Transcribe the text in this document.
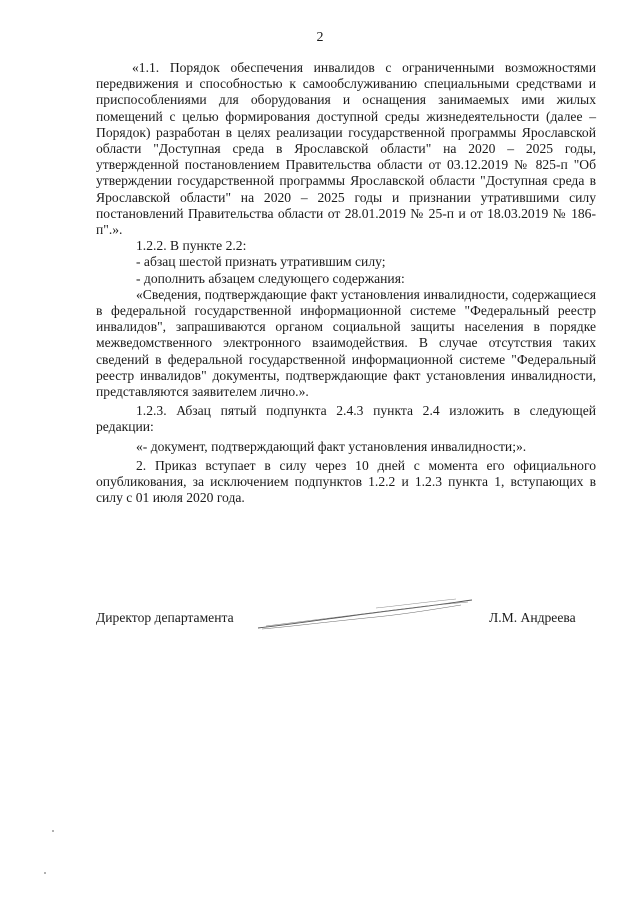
2

«1.1. Порядок обеспечения инвалидов с ограниченными возможностями передвижения и способностью к самообслуживанию специальными средствами и приспособлениями для оборудования и оснащения занимаемых ими жилых помещений с целью формирования доступной среды жизнедеятельности (далее – Порядок) разработан в целях реализации государственной программы Ярославской области "Доступная среда в Ярославской области" на 2020 – 2025 годы, утвержденной постановлением Правительства области от 03.12.2019 № 825-п "Об утверждении государственной программы Ярославской области "Доступная среда в Ярославской области" на 2020 – 2025 годы и признании утратившими силу постановлений Правительства области от 28.01.2019 № 25-п и от 18.03.2019 № 186-п".».

1.2.2. В пункте 2.2:

- абзац шестой признать утратившим силу;

- дополнить абзацем следующего содержания:

«Сведения, подтверждающие факт установления инвалидности, содержащиеся в федеральной государственной информационной системе "Федеральный реестр инвалидов", запрашиваются органом социальной защиты населения в порядке межведомственного электронного взаимодействия. В случае отсутствия таких сведений в федеральной государственной информационной системе "Федеральный реестр инвалидов" документы, подтверждающие факт установления инвалидности, представляются заявителем лично.».

1.2.3. Абзац пятый подпункта 2.4.3 пункта 2.4 изложить в следующей редакции:

«- документ, подтверждающий факт установления инвалидности;».

2. Приказ вступает в силу через 10 дней с момента его официального опубликования, за исключением подпунктов 1.2.2 и 1.2.3 пункта 1, вступающих в силу с 01 июля 2020 года.

Директор департамента	Л.М. Андреева
